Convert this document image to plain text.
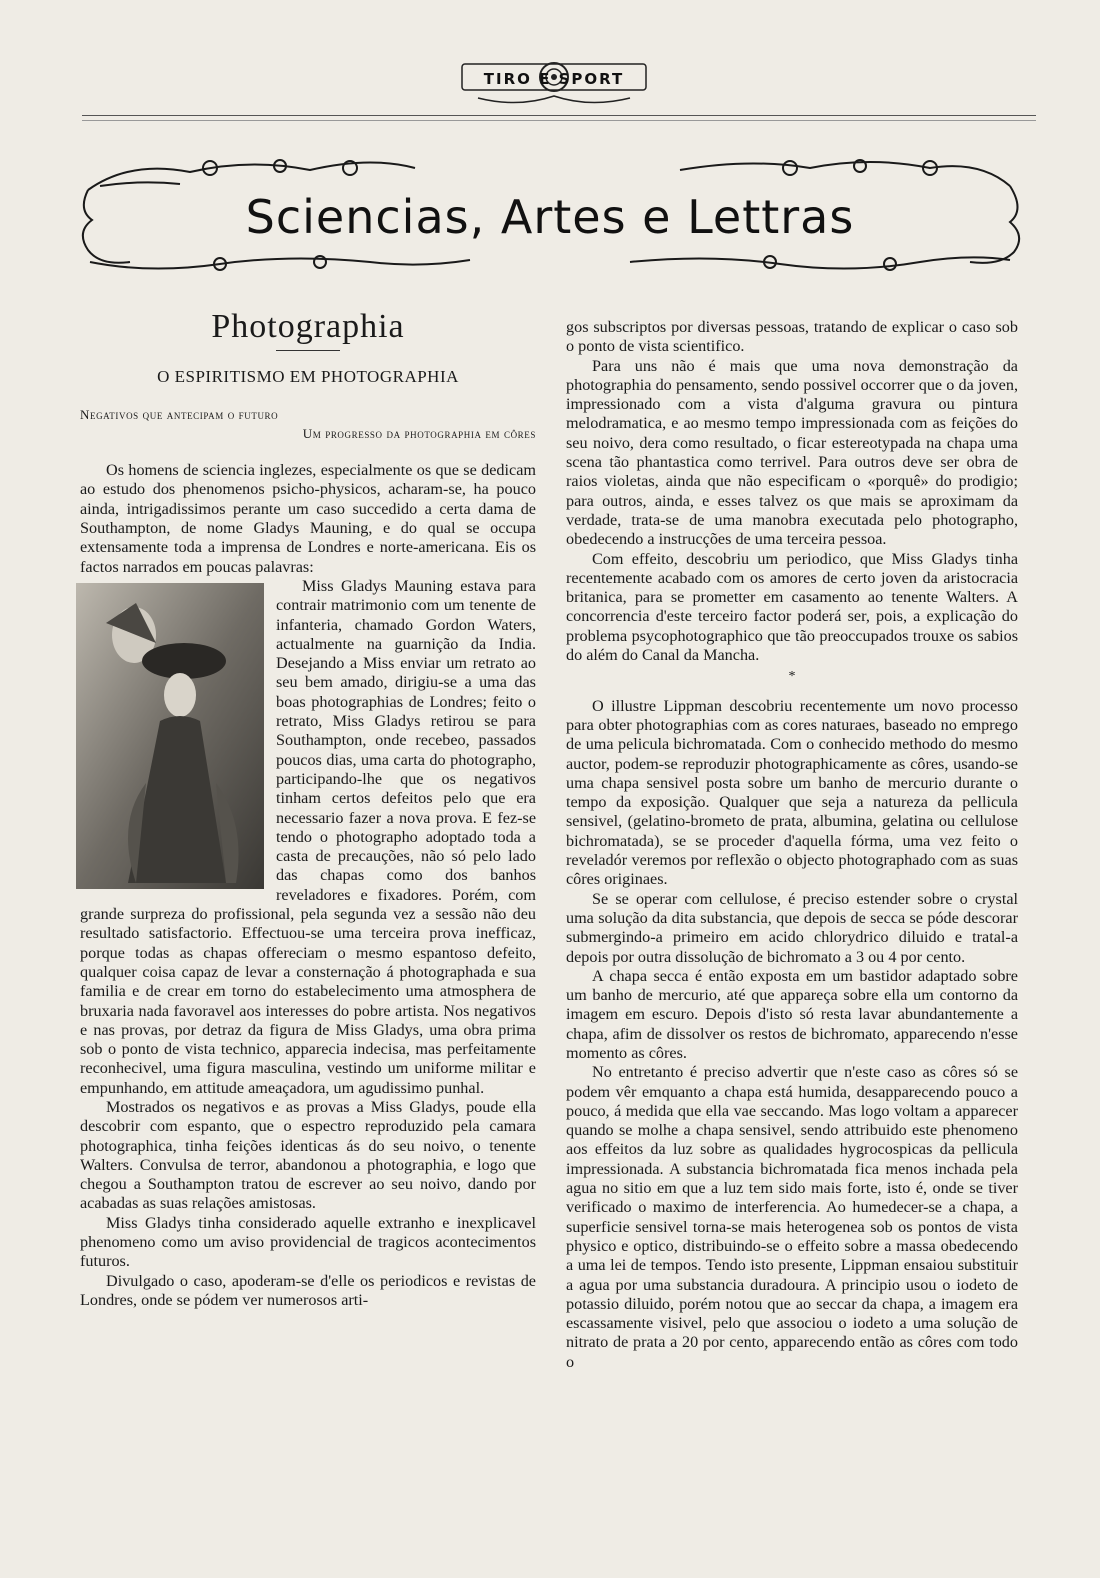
TIRO E SPORT
Sciencias, Artes e Lettras
Photographia
O ESPIRITISMO EM PHOTOGRAPHIA
Negativos que antecipam o futuro
Um progresso da photographia em côres

Os homens de sciencia inglezes, especialmente os que se dedicam ao estudo dos phenomenos psicho-physicos, acharam-se, ha pouco ainda, intrigadissimos perante um caso succedido a certa dama de Southampton, de nome Gladys Mauning, e do qual se occupa extensamente toda a imprensa de Londres e norte-americana. Eis os factos narrados em poucas palavras:

Miss Gladys Mauning estava para contrair matrimonio com um tenente de infanteria, chamado Gordon Waters, actualmente na guarnição da India. Desejando a Miss enviar um retrato ao seu bem amado, dirigiu-se a uma das boas photographias de Londres; feito o retrato, Miss Gladys retirou se para Southampton, onde recebeo, passados poucos dias, uma carta do photographo, participando-lhe que os negativos tinham certos defeitos pelo que era necessario fazer a nova prova. E fez-se tendo o photographo adoptado toda a casta de precauções, não só pelo lado das chapas como dos banhos reveladores e fixadores. Porém, com grande surpreza do profissional, pela segunda vez a sessão não deu resultado satisfactorio. Effectuou-se uma terceira prova inefficaz, porque todas as chapas offereciam o mesmo espantoso defeito, qualquer coisa capaz de levar a consternação á photographada e sua familia e de crear em torno do estabelecimento uma atmosphera de bruxaria nada favoravel aos interesses do pobre artista. Nos negativos e nas provas, por detraz da figura de Miss Gladys, uma obra prima sob o ponto de vista technico, apparecia indecisa, mas perfeitamente reconhecivel, uma figura masculina, vestindo um uniforme militar e empunhando, em attitude ameaçadora, um agudissimo punhal.

Mostrados os negativos e as provas a Miss Gladys, poude ella descobrir com espanto, que o espectro reproduzido pela camara photographica, tinha feições identicas ás do seu noivo, o tenente Walters. Convulsa de terror, abandonou a photographia, e logo que chegou a Southampton tratou de escrever ao seu noivo, dando por acabadas as suas relações amistosas.

Miss Gladys tinha considerado aquelle extranho e inexplicavel phenomeno como um aviso providencial de tragicos acontecimentos futuros.

Divulgado o caso, apoderam-se d'elle os periodicos e revistas de Londres, onde se pódem ver numerosos arti-

gos subscriptos por diversas pessoas, tratando de explicar o caso sob o ponto de vista scientifico.

Para uns não é mais que uma nova demonstração da photographia do pensamento, sendo possivel occorrer que o da joven, impressionado com a vista d'alguma gravura ou pintura melodramatica, e ao mesmo tempo impressionada com as feições do seu noivo, dera como resultado, o ficar estereotypada na chapa uma scena tão phantastica como terrivel. Para outros deve ser obra de raios violetas, ainda que não especificam o «porquê» do prodigio; para outros, ainda, e esses talvez os que mais se aproximam da verdade, trata-se de uma manobra executada pelo photographo, obedecendo a instrucções de uma terceira pessoa.

Com effeito, descobriu um periodico, que Miss Gladys tinha recentemente acabado com os amores de certo joven da aristocracia britanica, para se prometter em casamento ao tenente Walters. A concorrencia d'este terceiro factor poderá ser, pois, a explicação do problema psycophotographico que tão preoccupados trouxe os sabios do além do Canal da Mancha.

*

O illustre Lippman descobriu recentemente um novo processo para obter photographias com as cores naturaes, baseado no emprego de uma pelicula bichromatada. Com o conhecido methodo do mesmo auctor, podem-se reproduzir photographicamente as côres, usando-se uma chapa sensivel posta sobre um banho de mercurio durante o tempo da exposição. Qualquer que seja a natureza da pellicula sensivel, (gelatino-brometo de prata, albumina, gelatina ou cellulose bichromatada), se se proceder d'aquella fórma, uma vez feito o reveladór veremos por reflexão o objecto photographado com as suas côres originaes.

Se se operar com cellulose, é preciso estender sobre o crystal uma solução da dita substancia, que depois de secca se póde descorar submergindo-a primeiro em acido chlorydrico diluido e tratal-a depois por outra dissolução de bichromato a 3 ou 4 por cento.

A chapa secca é então exposta em um bastidor adaptado sobre um banho de mercurio, até que appareça sobre ella um contorno da imagem em escuro. Depois d'isto só resta lavar abundantemente a chapa, afim de dissolver os restos de bichromato, apparecendo n'esse momento as côres.

No entretanto é preciso advertir que n'este caso as côres só se podem vêr emquanto a chapa está humida, desapparecendo pouco a pouco, á medida que ella vae seccando. Mas logo voltam a apparecer quando se molhe a chapa sensivel, sendo attribuido este phenomeno aos effeitos da luz sobre as qualidades hygrocospicas da pellicula impressionada. A substancia bichromatada fica menos inchada pela agua no sitio em que a luz tem sido mais forte, isto é, onde se tiver verificado o maximo de interferencia. Ao humedecer-se a chapa, a superficie sensivel torna-se mais heterogenea sob os pontos de vista physico e optico, distribuindo-se o effeito sobre a massa obedecendo a uma lei de tempos. Tendo isto presente, Lippman ensaiou substituir a agua por uma substancia duradoura. A principio usou o iodeto de potassio diluido, porém notou que ao seccar da chapa, a imagem era escassamente visivel, pelo que associou o iodeto a uma solução de nitrato de prata a 20 por cento, apparecendo então as côres com todo o
